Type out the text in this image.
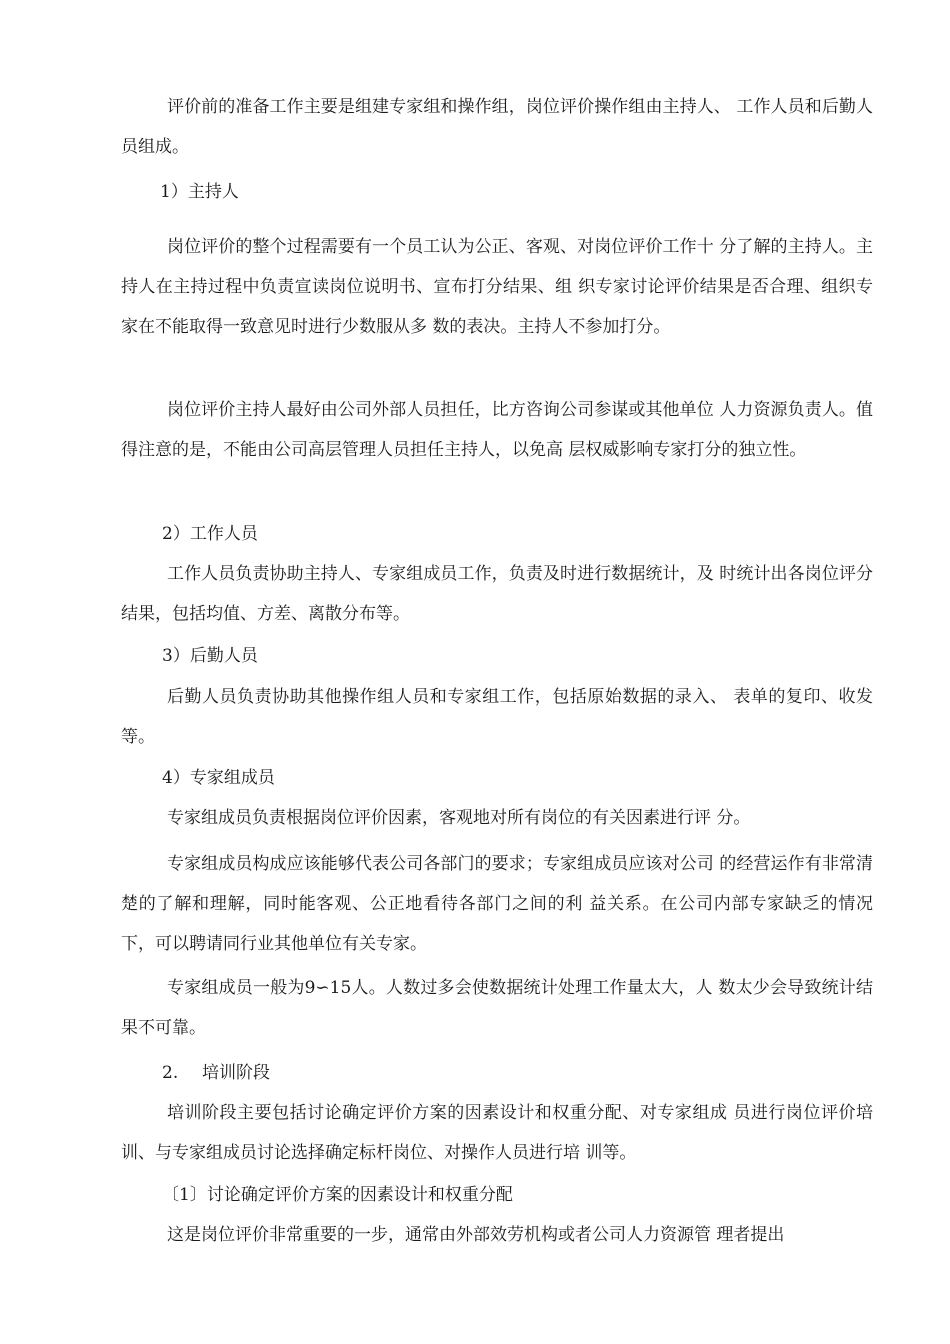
评价前的准备工作主要是组建专家组和操作组，岗位评价操作组由主持人、 工作人员和后勤人员组成。

1）主持人

岗位评价的整个过程需要有一个员工认为公正、客观、对岗位评价工作十 分了解的主持人。主持人在主持过程中负责宣读岗位说明书、宣布打分结果、组 织专家讨论评价结果是否合理、组织专家在不能取得一致意见时进行少数服从多 数的表决。主持人不参加打分。

岗位评价主持人最好由公司外部人员担任，比方咨询公司参谋或其他单位 人力资源负责人。值得注意的是，不能由公司高层管理人员担任主持人，以免高 层权威影响专家打分的独立性。

2）工作人员

工作人员负责协助主持人、专家组成员工作，负责及时进行数据统计，及 时统计出各岗位评分结果，包括均值、方差、离散分布等。

3）后勤人员

后勤人员负责协助其他操作组人员和专家组工作，包括原始数据的录入、 表单的复印、收发等。

4）专家组成员

专家组成员负责根据岗位评价因素，客观地对所有岗位的有关因素进行评 分。

专家组成员构成应该能够代表公司各部门的要求；专家组成员应该对公司 的经营运作有非常清楚的了解和理解，同时能客观、公正地看待各部门之间的利 益关系。在公司内部专家缺乏的情况下，可以聘请同行业其他单位有关专家。

专家组成员一般为9∽15人。人数过多会使数据统计处理工作量太大，人 数太少会导致统计结果不可靠。

2. 培训阶段

培训阶段主要包括讨论确定评价方案的因素设计和权重分配、对专家组成 员进行岗位评价培训、与专家组成员讨论选择确定标杆岗位、对操作人员进行培 训等。

〔1〕讨论确定评价方案的因素设计和权重分配

这是岗位评价非常重要的一步，通常由外部效劳机构或者公司人力资源管 理者提出
